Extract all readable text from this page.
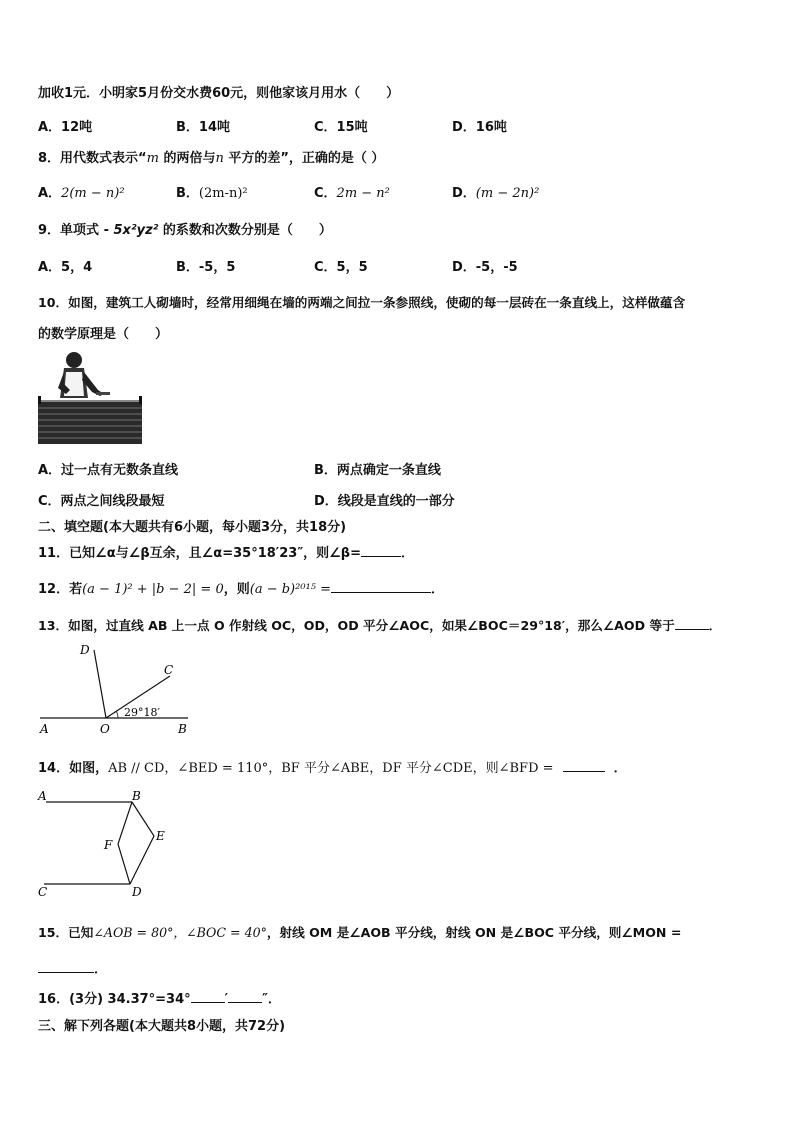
加收1元．小明家5月份交水费60元，则他家该月用水（　　）
A．12吨	B．14吨	C．15吨	D．16吨
8．用代数式表示“m 的两倍与n 平方的差”，正确的是（ ）
A．2(m − n)²	B．(2m-n)²	C．2m − n²	D．(m − 2n)²
9．单项式 - 5x²yz² 的系数和次数分别是（　　）
A．5，4	B．-5，5	C．5，5	D．-5，-5
10．如图，建筑工人砌墙时，经常用细绳在墙的两端之间拉一条参照线，使砌的每一层砖在一条直线上，这样做蕴含
的数学原理是（　　）
A．过一点有无数条直线	B．两点确定一条直线
C．两点之间线段最短	D．线段是直线的一部分
二、填空题(本大题共有6小题，每小题3分，共18分)
11．已知∠α与∠β互余，且∠α=35°18′23″，则∠β=	．
12．若(a − 1)² + |b − 2| = 0，则(a − b)²⁰¹⁵ =	．
13．如图，过直线 AB 上一点 O 作射线 OC，OD，OD 平分∠AOC，如果∠BOC＝29°18′，那么∠AOD 等于	．
A	O	B
C
D
29°18′
14．如图，AB // CD，∠BED = 110°，BF 平分∠ABE，DF 平分∠CDE，则∠BFD =	．
A	B
C	D
E
F
15．已知∠AOB = 80°，∠BOC = 40°，射线 OM 是∠AOB 平分线，射线 ON 是∠BOC 平分线，则∠MON =
．
16．(3分) 34.37°=34°	′	″．
三、解下列各题(本大题共8小题，共72分)
